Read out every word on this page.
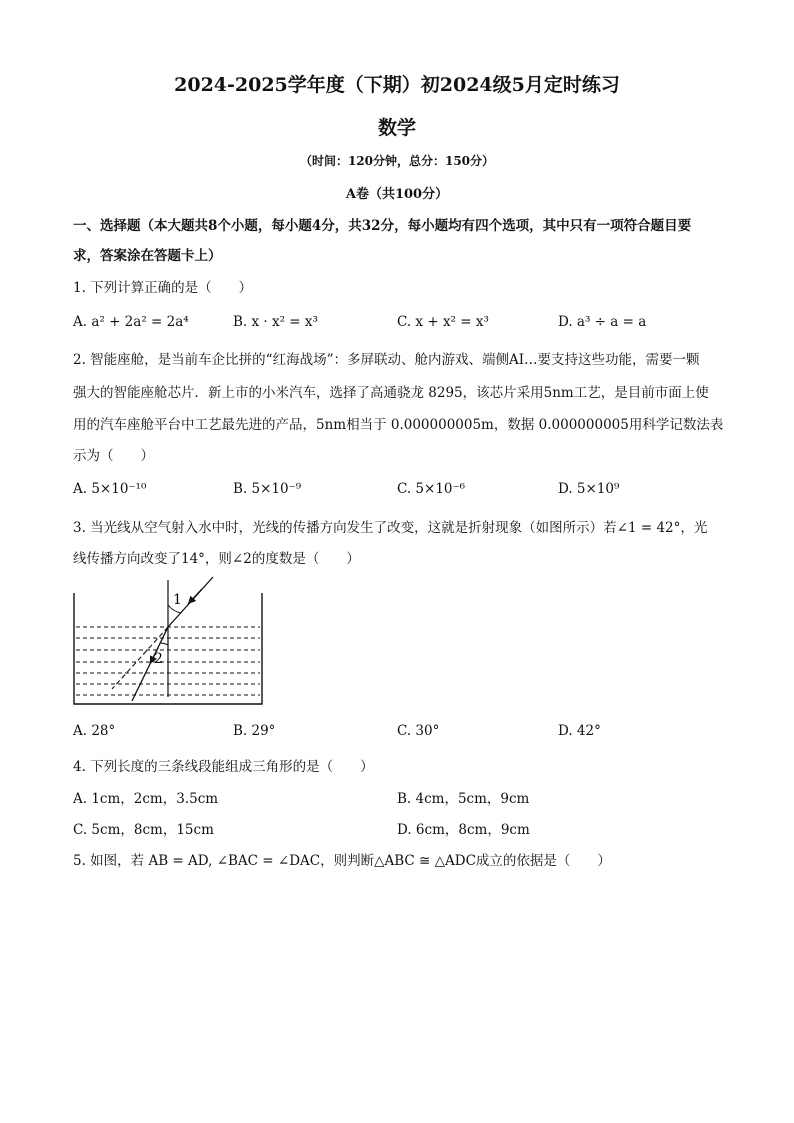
2024-2025学年度（下期）初2024级5月定时练习
数学
（时间：120分钟，总分：150分）
A卷（共100分）
一、选择题（本大题共8个小题，每小题4分，共32分，每小题均有四个选项，其中只有一项符合题目要
求，答案涂在答题卡上）
1. 下列计算正确的是（　　）
A. a² + 2a² = 2a⁴	B. x · x² = x³	C. x + x² = x³	D. a³ ÷ a = a
2. 智能座舱，是当前车企比拼的“红海战场”：多屏联动、舱内游戏、端侧AI…要支持这些功能，需要一颗
强大的智能座舱芯片．新上市的小米汽车，选择了高通骁龙 8295，该芯片采用5nm工艺，是目前市面上使
用的汽车座舱平台中工艺最先进的产品，5nm相当于 0.000000005m，数据 0.000000005用科学记数法表
示为（　　）
A. 5×10⁻¹⁰	B. 5×10⁻⁹	C. 5×10⁻⁶	D. 5×10⁹
3. 当光线从空气射入水中时，光线的传播方向发生了改变，这就是折射现象（如图所示）若∠1 = 42°，光
线传播方向改变了14°，则∠2的度数是（　　）
1
2
A. 28°	B. 29°	C. 30°	D. 42°
4. 下列长度的三条线段能组成三角形的是（　　）
A. 1cm，2cm，3.5cm	B. 4cm，5cm，9cm
C. 5cm，8cm，15cm	D. 6cm，8cm，9cm
5. 如图，若 AB = AD, ∠BAC = ∠DAC，则判断△ABC ≅ △ADC成立的依据是（　　）
